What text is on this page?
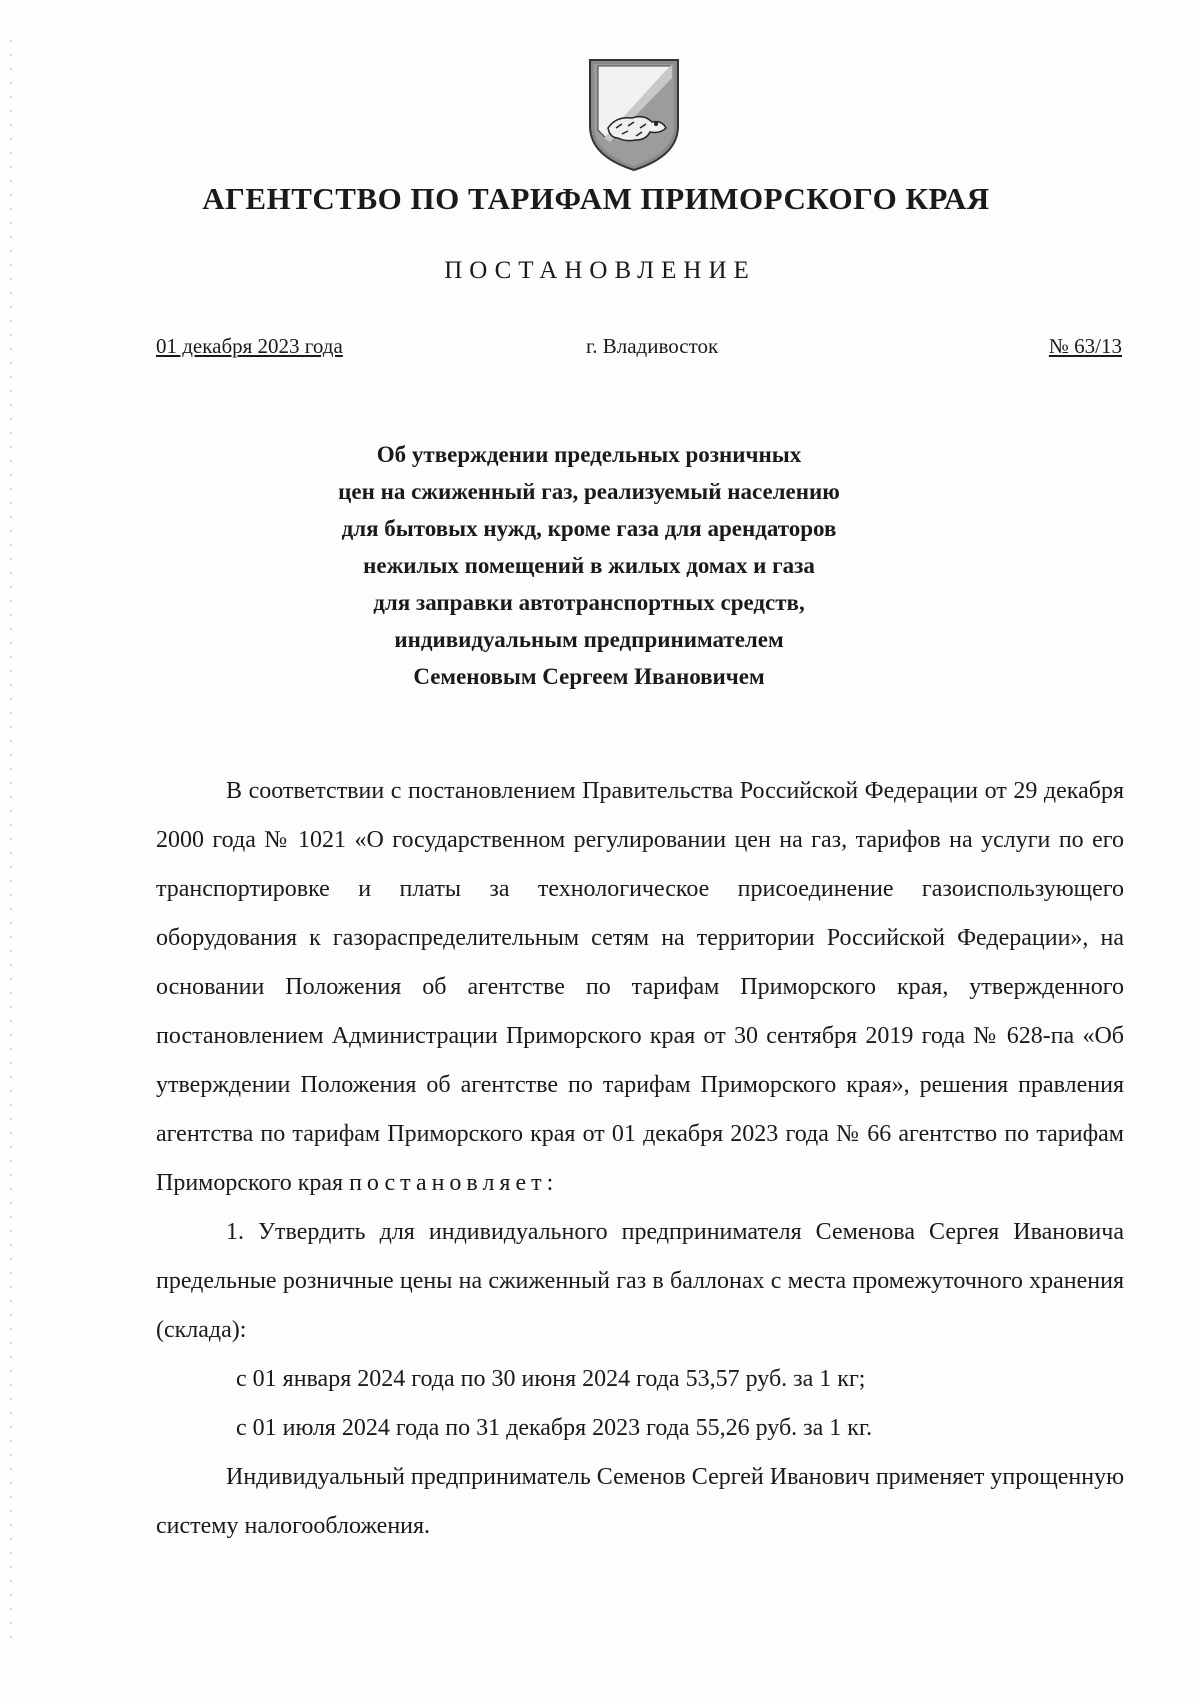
АГЕНТСТВО ПО ТАРИФАМ ПРИМОРСКОГО КРАЯ
ПОСТАНОВЛЕНИЕ
01 декабря 2023 года	г. Владивосток	№ 63/13
Об утверждении предельных розничных
цен на сжиженный газ, реализуемый населению
для бытовых нужд, кроме газа для арендаторов
нежилых помещений в жилых домах и газа
для заправки автотранспортных средств,
индивидуальным предпринимателем
Семеновым Сергеем Ивановичем

В соответствии с постановлением Правительства Российской Федерации от 29 декабря 2000 года № 1021 «О государственном регулировании цен на газ, тарифов на услуги по его транспортировке и платы за технологическое присоединение газоиспользующего оборудования к газораспределительным сетям на территории Российской Федерации», на основании Положения об агентстве по тарифам Приморского края, утвержденного постановлением Администрации Приморского края от 30 сентября 2019 года № 628-па «Об утверждении Положения об агентстве по тарифам Приморского края», решения правления агентства по тарифам Приморского края от 01 декабря 2023 года № 66 агентство по тарифам Приморского края постановляет:

1. Утвердить для индивидуального предпринимателя Семенова Сергея Ивановича предельные розничные цены на сжиженный газ в баллонах с места промежуточного хранения (склада):

с 01 января 2024 года по 30 июня 2024 года 53,57 руб. за 1 кг;

с 01 июля 2024 года по 31 декабря 2023 года 55,26 руб. за 1 кг.

Индивидуальный предприниматель Семенов Сергей Иванович применяет упрощенную систему налогообложения.
